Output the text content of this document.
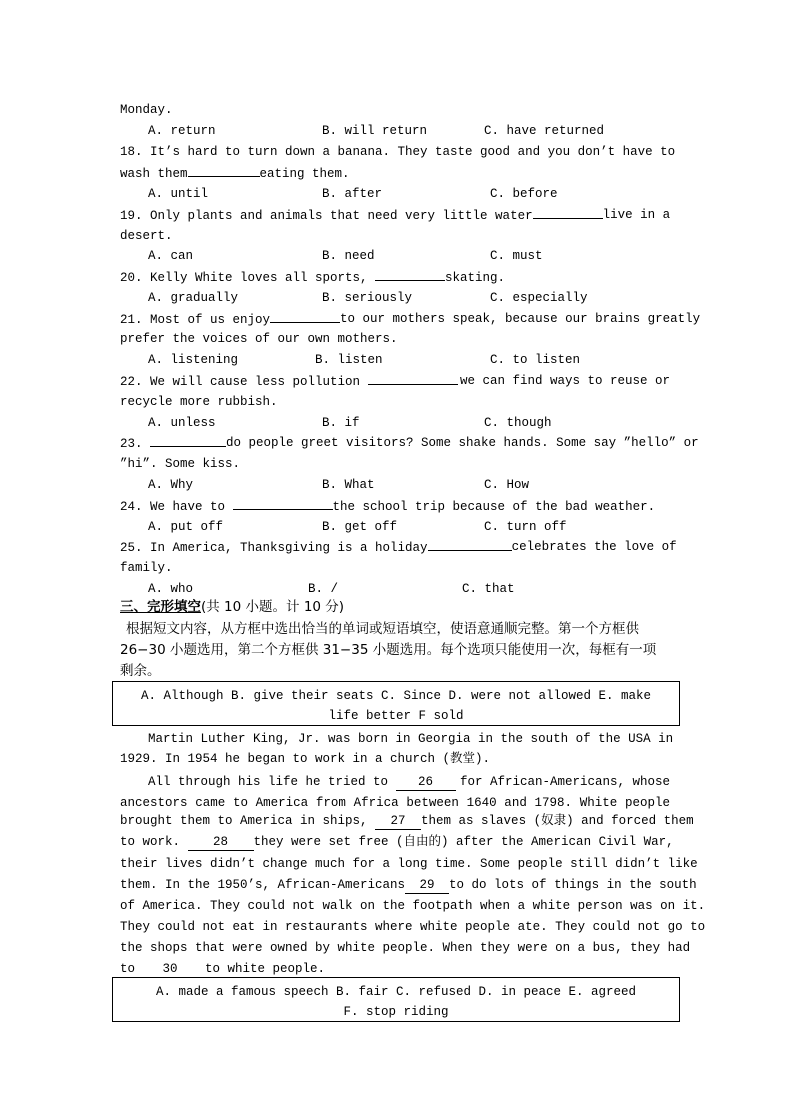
Monday.
A. return	B. will return	C. have returned
18. It’s hard to turn down a banana. They taste good and you don’t have to
wash them	eating them.
A. until	B. after	C. before
19. Only plants and animals that need very little water	live in a
desert.
A. can	B. need	C. must
20. Kelly White loves all sports,	skating.
A. gradually	B. seriously	C. especially
21. Most of us enjoy	to our mothers speak, because our brains greatly
prefer the voices of our own mothers.
A. listening	B. listen	C. to listen
22. We will cause less pollution	we can find ways to reuse or
recycle more rubbish.
A. unless	B. if	C. though
23.	do people greet visitors? Some shake hands. Some say ”hello” or
”hi”. Some kiss.
A. Why	B. What	C. How
24. We have to	the school trip because of the bad weather.
A. put off	B. get off	C. turn off
25. In America, Thanksgiving is a holiday	celebrates the love of
family.
A. who	B. /	C. that
三、完形填空(共 10 小题。计 10 分)
根据短文内容，从方框中选出恰当的单词或短语填空，使语意通顺完整。第一个方框供
26−30 小题选用，第二个方框供 31−35 小题选用。每个选项只能使用一次，每框有一项
剩余。
A. Although B. give their seats C. Since D. were not allowed E. make
life better F sold
Martin Luther King, Jr. was born in Georgia in the south of the USA in
1929. In 1954 he began to work in a church (教堂).
All through his life he tried to 26	for African-Americans, whose
ancestors came to America from Africa between 1640 and 1798. White people
brought them to America in ships, 27	them as slaves (奴隶) and forced them
to work. 28	they were set free (自由的) after the American Civil War,
their lives didn’t change much for a long time. Some people still didn’t like
them. In the 1950’s, African-Americans 29	to do lots of things in the south
of America. They could not walk on the footpath when a white person was on it.
They could not eat in restaurants where white people ate. They could not go to
the shops that were owned by white people. When they were on a bus, they had
to 30 to white people.
A. made a famous speech B. fair C. refused D. in peace E. agreed
F. stop riding
